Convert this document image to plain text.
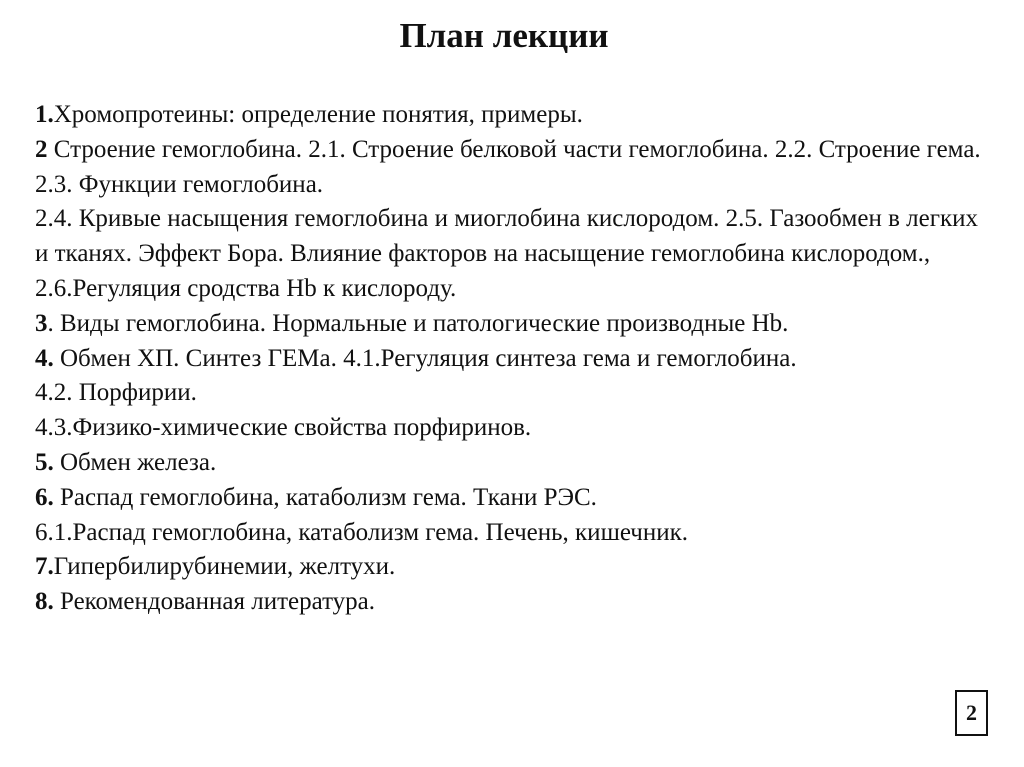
План лекции
1.Хромопротеины: определение понятия, примеры.
2 Строение гемоглобина. 2.1. Строение белковой части гемоглобина. 2.2. Строение гема. 2.3. Функции гемоглобина.
2.4. Кривые насыщения гемоглобина и миоглобина кислородом. 2.5. Газообмен в легких и тканях. Эффект Бора. Влияние факторов на насыщение гемоглобина кислородом., 2.6.Регуляция сродства Hb к кислороду.
3. Виды гемоглобина. Нормальные и патологические производные Hb.
4. Обмен ХП. Синтез ГЕМа. 4.1.Регуляция синтеза гема и гемоглобина.
4.2. Порфирии.
4.3.Физико-химические свойства порфиринов.
5. Обмен железа.
6. Распад гемоглобина, катаболизм гема. Ткани РЭС.
6.1.Распад гемоглобина, катаболизм гема. Печень, кишечник.
7.Гипербилирубинемии, желтухи.
8. Рекомендованная литература.
2
